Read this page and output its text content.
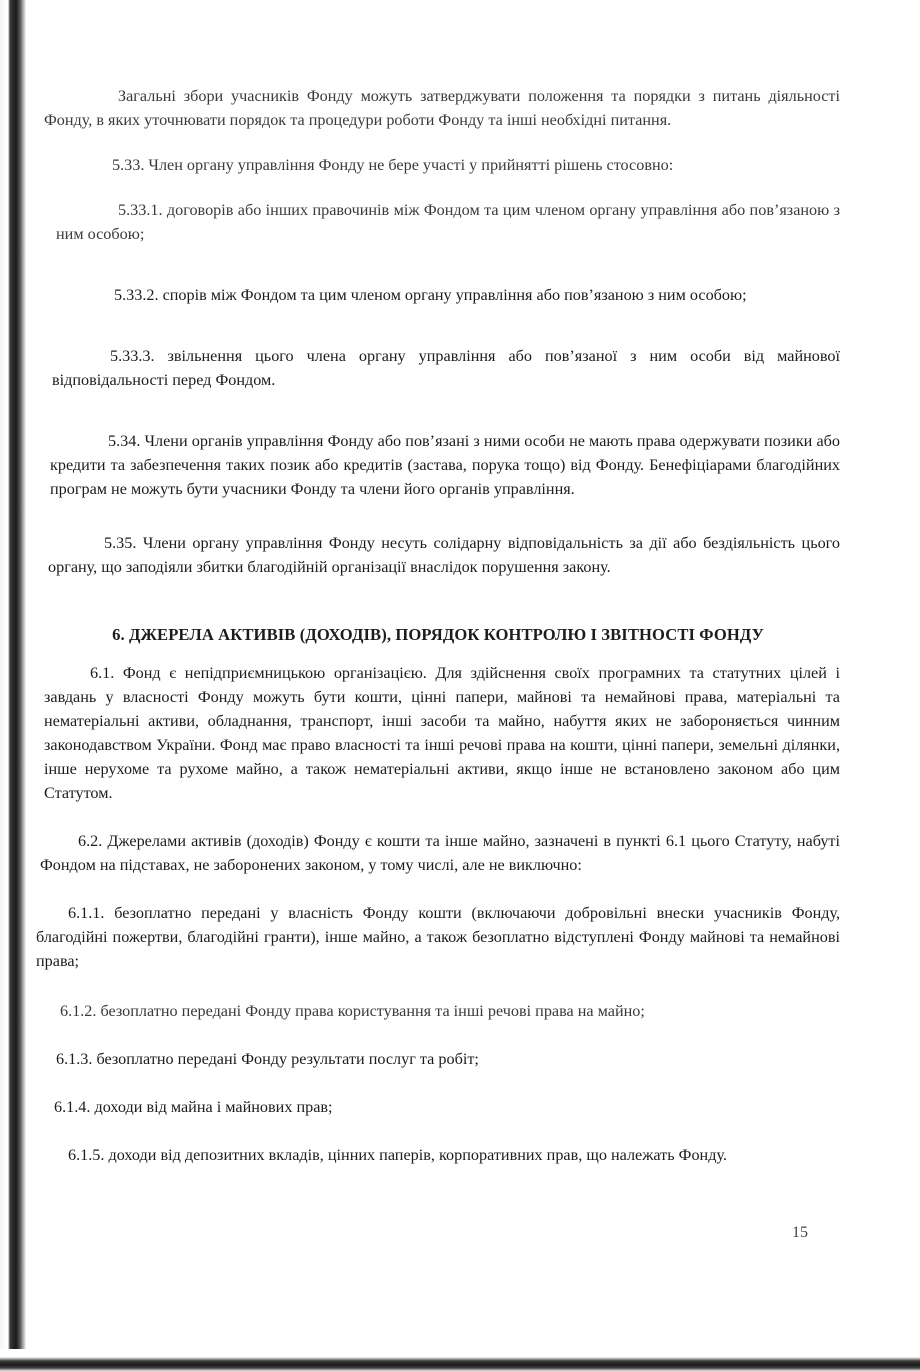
Загальні збори учасників Фонду можуть затверджувати положення та порядки з питань діяльності Фонду, в яких уточнювати порядок та процедури роботи Фонду та інші необхідні питання.

5.33. Член органу управління Фонду не бере участі у прийнятті рішень стосовно:

5.33.1. договорів або інших правочинів між Фондом та цим членом органу управління або пов’язаною з ним особою;

5.33.2. спорів між Фондом та цим членом органу управління або пов’язаною з ним особою;

5.33.3. звільнення цього члена органу управління або пов’язаної з ним особи від майнової відповідальності перед Фондом.

5.34. Члени органів управління Фонду або пов’язані з ними особи не мають права одержувати позики або кредити та забезпечення таких позик або кредитів (застава, порука тощо) від Фонду. Бенефіціарами благодійних програм не можуть бути учасники Фонду та члени його органів управління.

5.35. Члени органу управління Фонду несуть солідарну відповідальність за дії або бездіяльність цього органу, що заподіяли збитки благодійній організації внаслідок порушення закону.

6. ДЖЕРЕЛА АКТИВІВ (ДОХОДІВ), ПОРЯДОК КОНТРОЛЮ І ЗВІТНОСТІ ФОНДУ

6.1. Фонд є непідприємницькою організацією. Для здійснення своїх програмних та статутних цілей і завдань у власності Фонду можуть бути кошти, цінні папери, майнові та немайнові права, матеріальні та нематеріальні активи, обладнання, транспорт, інші засоби та майно, набуття яких не забороняється чинним законодавством України. Фонд має право власності та інші речові права на кошти, цінні папери, земельні ділянки, інше нерухоме та рухоме майно, а також нематеріальні активи, якщо інше не встановлено законом або цим Статутом.

6.2. Джерелами активів (доходів) Фонду є кошти та інше майно, зазначені в пункті 6.1 цього Статуту, набуті Фондом на підставах, не заборонених законом, у тому числі, але не виключно:

6.1.1. безоплатно передані у власність Фонду кошти (включаючи добровільні внески учасників Фонду, благодійні пожертви, благодійні гранти), інше майно, а також безоплатно відступлені Фонду майнові та немайнові права;

6.1.2. безоплатно передані Фонду права користування та інші речові права на майно;

6.1.3. безоплатно передані Фонду результати послуг та робіт;

6.1.4. доходи від майна і майнових прав;

6.1.5. доходи від депозитних вкладів, цінних паперів, корпоративних прав, що належать Фонду.

15
